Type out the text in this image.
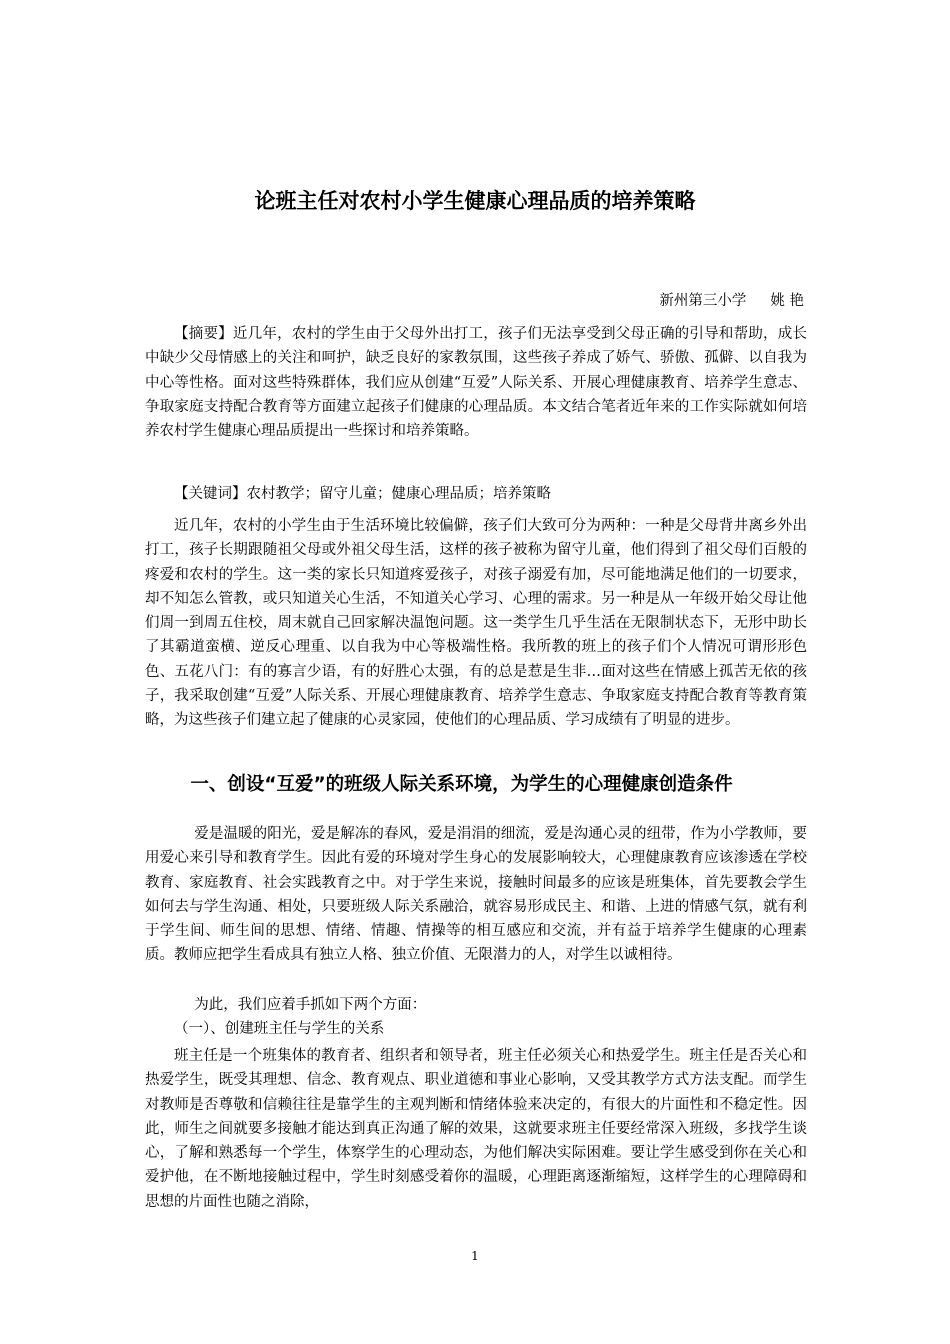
论班主任对农村小学生健康心理品质的培养策略
新州第三小学 姚 艳

【摘要】近几年，农村的学生由于父母外出打工，孩子们无法享受到父母正确的引导和帮助，成长中缺少父母情感上的关注和呵护，缺乏良好的家教氛围，这些孩子养成了娇气、骄傲、孤僻、以自我为中心等性格。面对这些特殊群体，我们应从创建“互爱”人际关系、开展心理健康教育、培养学生意志、争取家庭支持配合教育等方面建立起孩子们健康的心理品质。本文结合笔者近年来的工作实际就如何培养农村学生健康心理品质提出一些探讨和培养策略。

【关键词】农村教学；留守儿童；健康心理品质；培养策略

近几年，农村的小学生由于生活环境比较偏僻，孩子们大致可分为两种：一种是父母背井离乡外出打工，孩子长期跟随祖父母或外祖父母生活，这样的孩子被称为留守儿童，他们得到了祖父母们百般的疼爱和农村的学生。这一类的家长只知道疼爱孩子，对孩子溺爱有加，尽可能地满足他们的一切要求，却不知怎么管教，或只知道关心生活，不知道关心学习、心理的需求。另一种是从一年级开始父母让他们周一到周五住校，周末就自己回家解决温饱问题。这一类学生几乎生活在无限制状态下，无形中助长了其霸道蛮横、逆反心理重、以自我为中心等极端性格。我所教的班上的孩子们个人情况可谓形形色色、五花八门：有的寡言少语，有的好胜心太强，有的总是惹是生非…面对这些在情感上孤苦无依的孩子，我采取创建“互爱”人际关系、开展心理健康教育、培养学生意志、争取家庭支持配合教育等教育策略，为这些孩子们建立起了健康的心灵家园，使他们的心理品质、学习成绩有了明显的进步。

一、创设“互爱”的班级人际关系环境，为学生的心理健康创造条件

爱是温暖的阳光，爱是解冻的春风，爱是涓涓的细流，爱是沟通心灵的纽带，作为小学教师，要用爱心来引导和教育学生。因此有爱的环境对学生身心的发展影响较大，心理健康教育应该渗透在学校教育、家庭教育、社会实践教育之中。对于学生来说，接触时间最多的应该是班集体，首先要教会学生如何去与学生沟通、相处，只要班级人际关系融洽，就容易形成民主、和谐、上进的情感气氛，就有利于学生间、师生间的思想、情绪、情趣、情操等的相互感应和交流，并有益于培养学生健康的心理素质。教师应把学生看成具有独立人格、独立价值、无限潜力的人，对学生以诚相待。

为此，我们应着手抓如下两个方面：

（一）、创建班主任与学生的关系

班主任是一个班集体的教育者、组织者和领导者，班主任必须关心和热爱学生。班主任是否关心和热爱学生，既受其理想、信念、教育观点、职业道德和事业心影响，又受其教学方式方法支配。而学生对教师是否尊敬和信赖往往是靠学生的主观判断和情绪体验来决定的，有很大的片面性和不稳定性。因此，师生之间就要多接触才能达到真正沟通了解的效果，这就要求班主任要经常深入班级，多找学生谈心，了解和熟悉每一个学生，体察学生的心理动态，为他们解决实际困难。要让学生感受到你在关心和爱护他，在不断地接触过程中，学生时刻感受着你的温暖，心理距离逐渐缩短，这样学生的心理障碍和思想的片面性也随之消除，

1
